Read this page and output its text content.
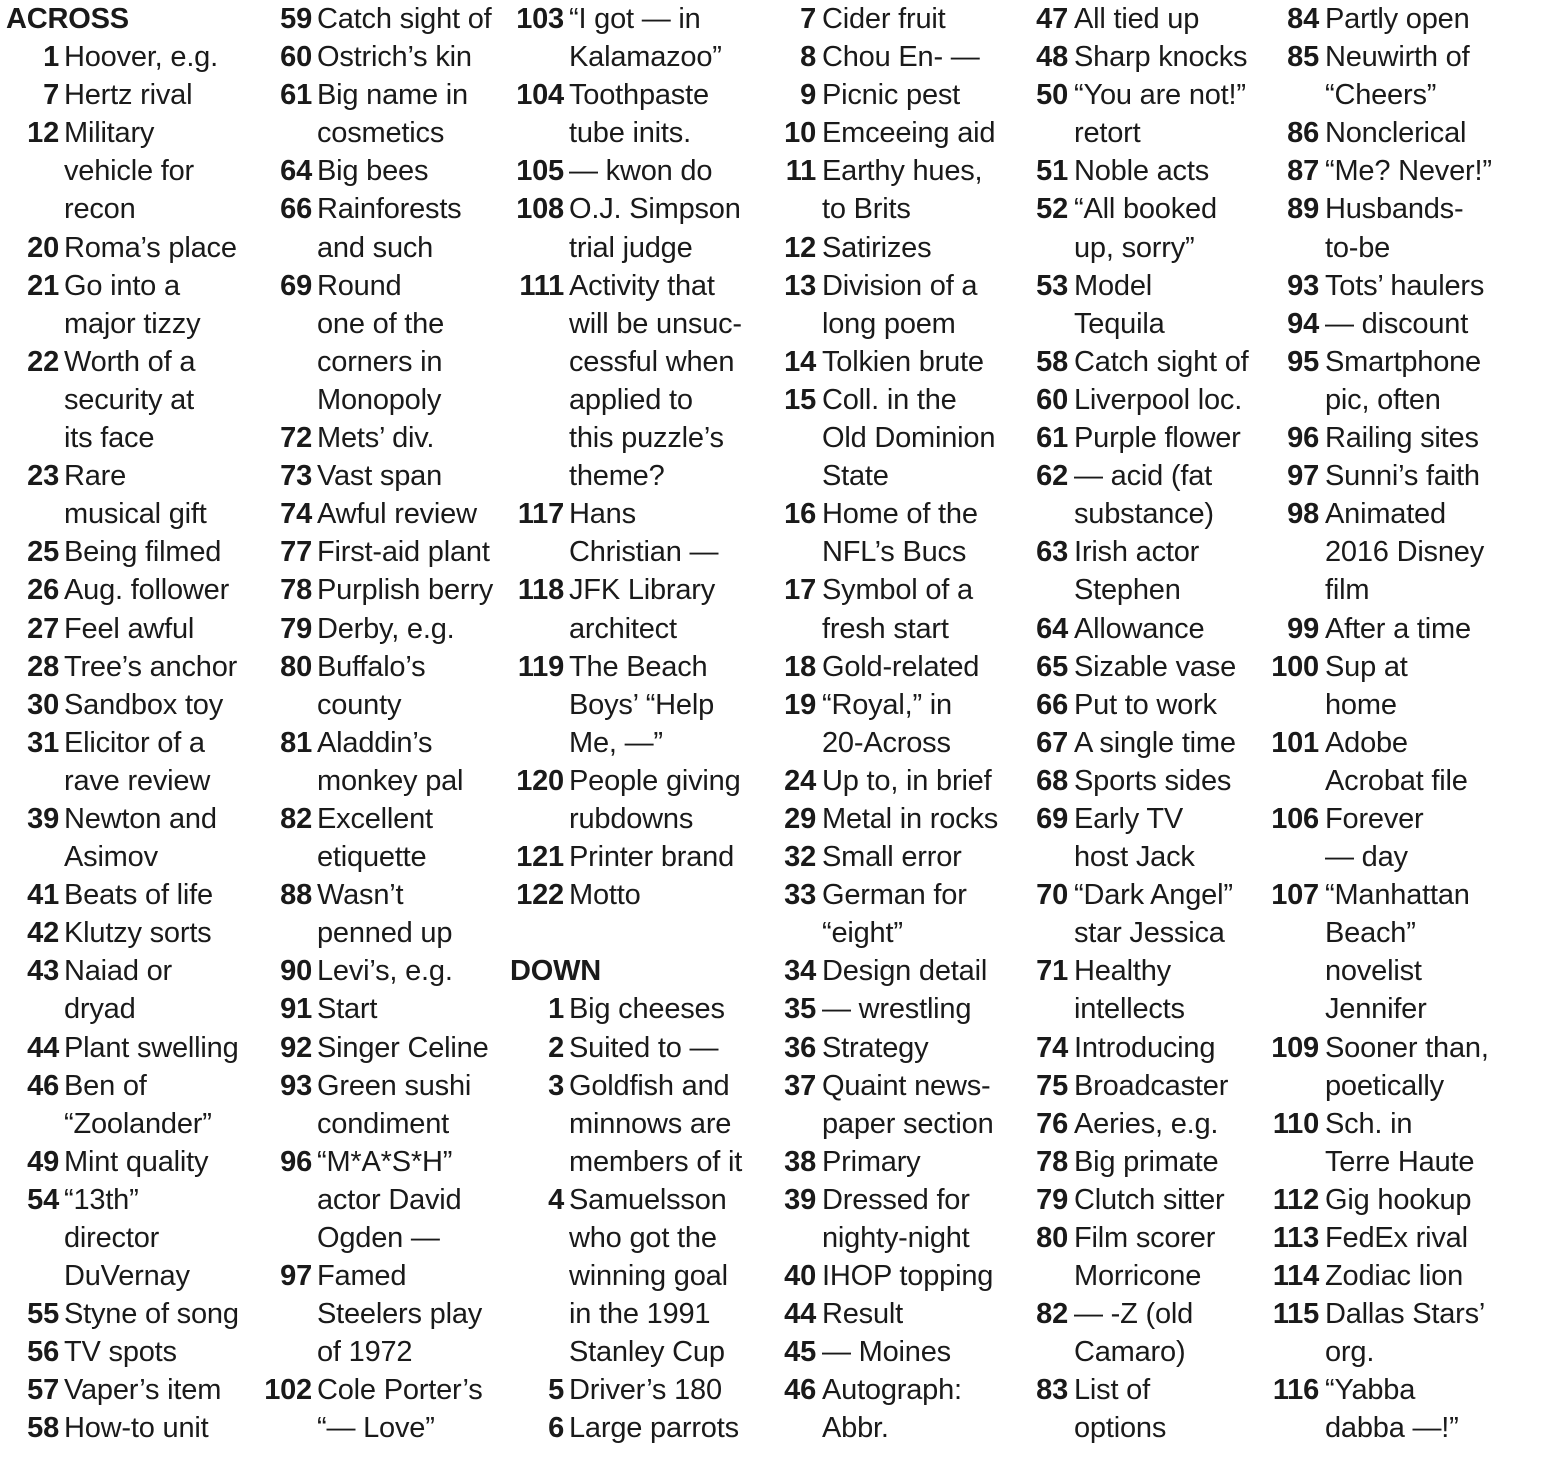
ACROSS
1 Hoover, e.g.
7 Hertz rival
12 Military
vehicle for
recon
20 Roma’s place
21 Go into a
major tizzy
22 Worth of a
security at
its face
23 Rare
musical gift
25 Being filmed
26 Aug. follower
27 Feel awful
28 Tree’s anchor
30 Sandbox toy
31 Elicitor of a
rave review
39 Newton and
Asimov
41 Beats of life
42 Klutzy sorts
43 Naiad or
dryad
44 Plant swelling
46 Ben of
“Zoolander”
49 Mint quality
54 “13th”
director
DuVernay
55 Styne of song
56 TV spots
57 Vaper’s item
58 How-to unit
59 Catch sight of
60 Ostrich’s kin
61 Big name in
cosmetics
64 Big bees
66 Rainforests
and such
69 Round
one of the
corners in
Monopoly
72 Mets’ div.
73 Vast span
74 Awful review
77 First-aid plant
78 Purplish berry
79 Derby, e.g.
80 Buffalo’s
county
81 Aladdin’s
monkey pal
82 Excellent
etiquette
88 Wasn’t
penned up
90 Levi’s, e.g.
91 Start
92 Singer Celine
93 Green sushi
condiment
96 “M*A*S*H”
actor David
Ogden —
97 Famed
Steelers play
of 1972
102 Cole Porter’s
“— Love”
103 “I got — in
Kalamazoo”
104 Toothpaste
tube inits.
105 — kwon do
108 O.J. Simpson
trial judge
111 Activity that
will be unsuc-
cessful when
applied to
this puzzle’s
theme?
117 Hans
Christian —
118 JFK Library
architect
119 The Beach
Boys’ “Help
Me, —”
120 People giving
rubdowns
121 Printer brand
122 Motto
DOWN
1 Big cheeses
2 Suited to —
3 Goldfish and
minnows are
members of it
4 Samuelsson
who got the
winning goal
in the 1991
Stanley Cup
5 Driver’s 180
6 Large parrots
7 Cider fruit
8 Chou En- —
9 Picnic pest
10 Emceeing aid
11 Earthy hues,
to Brits
12 Satirizes
13 Division of a
long poem
14 Tolkien brute
15 Coll. in the
Old Dominion
State
16 Home of the
NFL’s Bucs
17 Symbol of a
fresh start
18 Gold-related
19 “Royal,” in
20-Across
24 Up to, in brief
29 Metal in rocks
32 Small error
33 German for
“eight”
34 Design detail
35 — wrestling
36 Strategy
37 Quaint news-
paper section
38 Primary
39 Dressed for
nighty-night
40 IHOP topping
44 Result
45 — Moines
46 Autograph:
Abbr.
47 All tied up
48 Sharp knocks
50 “You are not!”
retort
51 Noble acts
52 “All booked
up, sorry”
53 Model
Tequila
58 Catch sight of
60 Liverpool loc.
61 Purple flower
62 — acid (fat
substance)
63 Irish actor
Stephen
64 Allowance
65 Sizable vase
66 Put to work
67 A single time
68 Sports sides
69 Early TV
host Jack
70 “Dark Angel”
star Jessica
71 Healthy
intellects
74 Introducing
75 Broadcaster
76 Aeries, e.g.
78 Big primate
79 Clutch sitter
80 Film scorer
Morricone
82 — -Z (old
Camaro)
83 List of
options
84 Partly open
85 Neuwirth of
“Cheers”
86 Nonclerical
87 “Me? Never!”
89 Husbands-
to-be
93 Tots’ haulers
94 — discount
95 Smartphone
pic, often
96 Railing sites
97 Sunni’s faith
98 Animated
2016 Disney
film
99 After a time
100 Sup at
home
101 Adobe
Acrobat file
106 Forever
— day
107 “Manhattan
Beach”
novelist
Jennifer
109 Sooner than,
poetically
110 Sch. in
Terre Haute
112 Gig hookup
113 FedEx rival
114 Zodiac lion
115 Dallas Stars’
org.
116 “Yabba
dabba —!”
